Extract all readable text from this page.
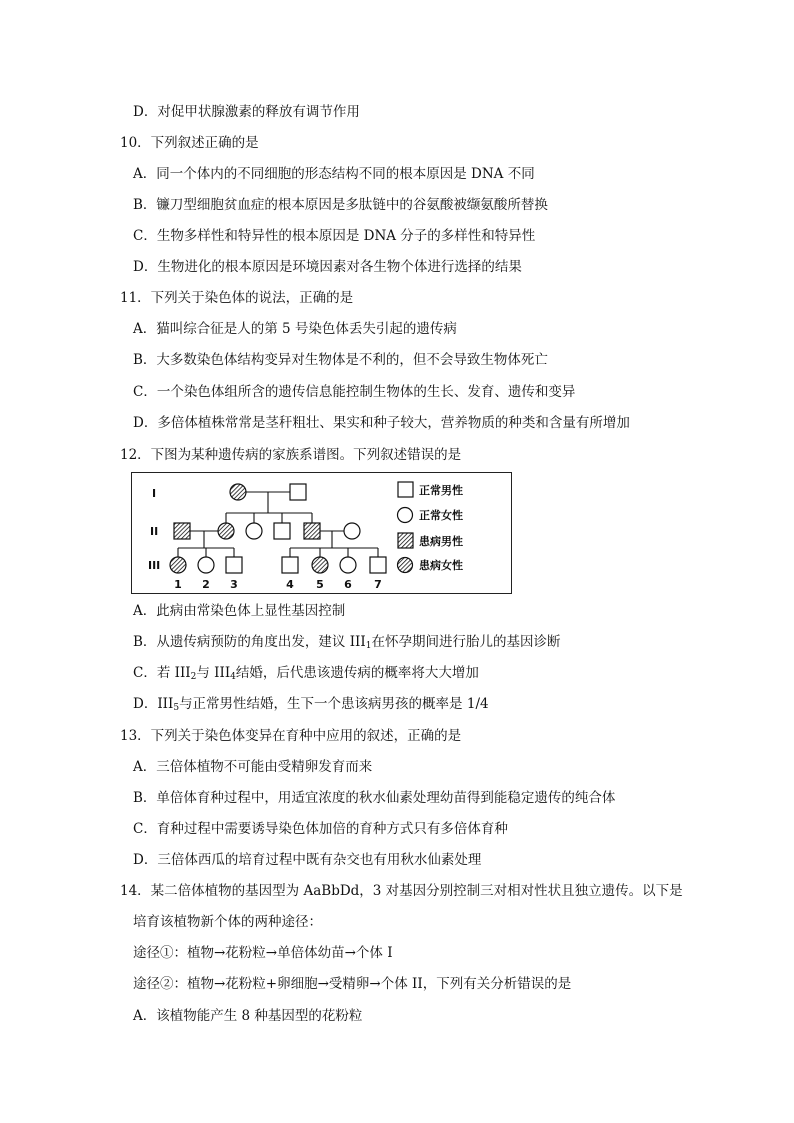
D．对促甲状腺激素的释放有调节作用
10．下列叙述正确的是
A．同一个体内的不同细胞的形态结构不同的根本原因是 DNA 不同
B．镰刀型细胞贫血症的根本原因是多肽链中的谷氨酸被缬氨酸所替换
C．生物多样性和特异性的根本原因是 DNA 分子的多样性和特异性
D．生物进化的根本原因是环境因素对各生物个体进行选择的结果
11．下列关于染色体的说法，正确的是
A．猫叫综合征是人的第 5 号染色体丢失引起的遗传病
B．大多数染色体结构变异对生物体是不利的，但不会导致生物体死亡
C．一个染色体组所含的遗传信息能控制生物体的生长、发育、遗传和变异
D．多倍体植株常常是茎秆粗壮、果实和种子较大，营养物质的种类和含量有所增加
12．下图为某种遗传病的家族系谱图。下列叙述错误的是
I
II
III
1 2 3	4 5 6 7
正常男性
正常女性
患病男性
患病女性
A．此病由常染色体上显性基因控制
B．从遗传病预防的角度出发，建议 $III_1$在怀孕期间进行胎儿的基因诊断
C．若 $III_2$与 $III_4$结婚，后代患该遗传病的概率将大大增加
D．$III_5$与正常男性结婚，生下一个患该病男孩的概率是 1/4
13．下列关于染色体变异在育种中应用的叙述，正确的是
A．三倍体植物不可能由受精卵发育而来
B．单倍体育种过程中，用适宜浓度的秋水仙素处理幼苗得到能稳定遗传的纯合体
C．育种过程中需要诱导染色体加倍的育种方式只有多倍体育种
D．三倍体西瓜的培育过程中既有杂交也有用秋水仙素处理
14．某二倍体植物的基因型为 AaBbDd，3 对基因分别控制三对相对性状且独立遗传。以下是
培育该植物新个体的两种途径：
途径①：植物→花粉粒→单倍体幼苗→个体 I
途径②：植物→花粉粒+卵细胞→受精卵→个体 II，下列有关分析错误的是
A．该植物能产生 8 种基因型的花粉粒
